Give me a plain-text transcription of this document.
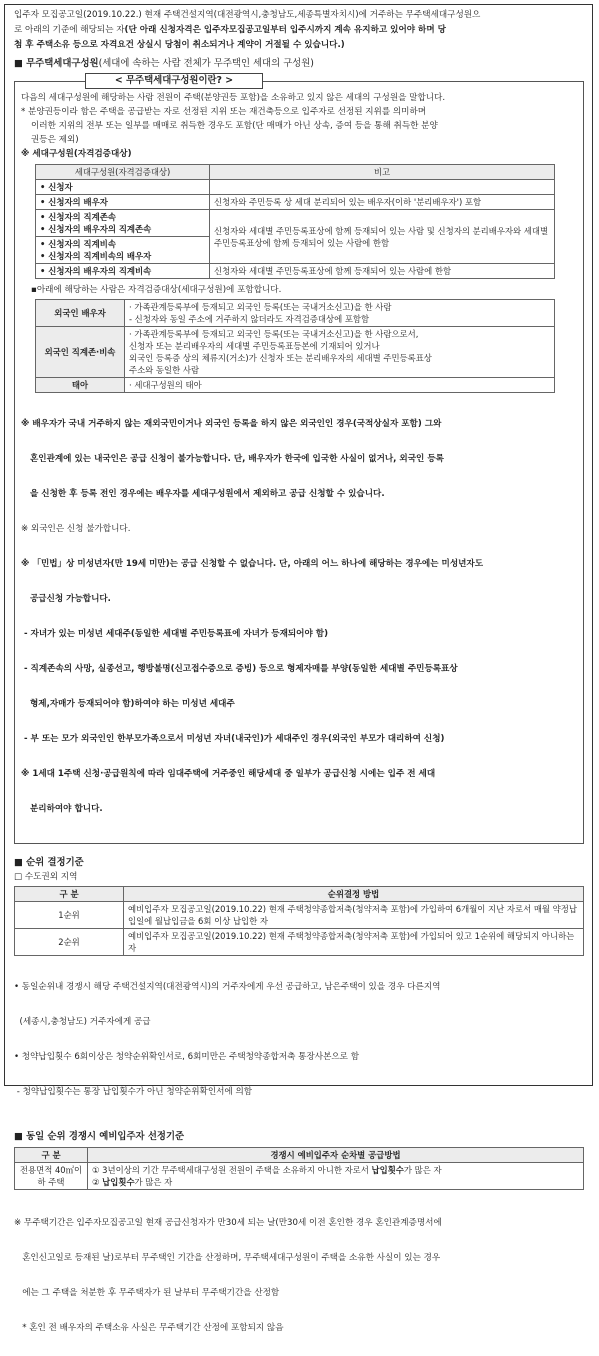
입주자 모집공고일(2019.10.22.) 현재 주택건설지역(대전광역시,충청남도,세종특별자치시)에 거주하는 무주택세대구성원으

로 아래의 기준에 해당되는 자(단 아래 신청자격은 입주자모집공고일부터 입주시까지 계속 유지하고 있어야 하며 당

첨 후 주택소유 등으로 자격요건 상실시 당첨이 취소되거나 계약이 거절될 수 있습니다.)

■ 무주택세대구성원(세대에 속하는 사람 전체가 무주택인 세대의 구성원)
< 무주택세대구성원이란? >

다음의 세대구성원에 해당하는 사람 전원이 주택(분양권등 포함)을 소유하고 있지 않은 세대의 구성원을 말합니다.

* 분양권등이라 함은 주택을 공급받는 자로 선정된 지위 또는 재건축등으로 입주자로 선정된 지위를 의미하며

이러한 지위의 전부 또는 일부를 매매로 취득한 경우도 포함(단 매매가 아닌 상속, 증여 등을 통해 취득한 분양

권등은 제외)

※ 세대구성원(자격검증대상)

세대구성원(자격검증대상)	비고
• 신청자	
• 신청자의 배우자	신청자와 주민등록 상 세대 분리되어 있는 배우자(이하 '분리배우자') 포함

• 신청자의 직계존속
• 신청자의 배우자의 직계존속	신청자와 세대별 주민등록표상에 함께 등재되어 있는 사람 및 신청자의 분리배우자와 세대별 주민등록표상에 함께 등재되어 있는 사람에 한함

• 신청자의 직계비속
• 신청자의 직계비속의 배우자	

• 신청자의 배우자의 직계비속	신청자와 세대별 주민등록표상에 함께 등재되어 있는 사람에 한함

▪아래에 해당하는 사람은 자격검증대상(세대구성원)에 포함합니다.

외국인 배우자	· 가족관계등록부에 등재되고 외국인 등록(또는 국내거소신고)을 한 사람
- 신청자와 동일 주소에 거주하지 않더라도 자격검증대상에 포함함
외국인 직계존·비속	· 가족관계등록부에 등재되고 외국인 등록(또는 국내거소신고)을 한 사람으로서,
신청자 또는 분리배우자의 세대별 주민등록표등본에 기재되어 있거나
외국인 등록증 상의 체류지(거소)가 신청자 또는 분리배우자의 세대별 주민등록표상
주소와 동일한 사람
태아	· 세대구성원의 태아

※ 배우자가 국내 거주하지 않는 재외국민이거나 외국인 등록을 하지 않은 외국인인 경우(국적상실자 포함) 그와

혼인관계에 있는 내국인은 공급 신청이 불가능합니다. 단, 배우자가 한국에 입국한 사실이 없거나, 외국인 등록

을 신청한 후 등록 전인 경우에는 배우자를 세대구성원에서 제외하고 공급 신청할 수 있습니다.

※ 외국인은 신청 불가합니다.

※ 「민법」상 미성년자(만 19세 미만)는 공급 신청할 수 없습니다. 단, 아래의 어느 하나에 해당하는 경우에는 미성년자도

공급신청 가능합니다.

- 자녀가 있는 미성년 세대주(동일한 세대별 주민등록표에 자녀가 등재되어야 함)

- 직계존속의 사망, 실종선고, 행방불명(신고접수증으로 증빙) 등으로 형제자매를 부양(동일한 세대별 주민등록표상

형제,자매가 등재되어야 함)하여야 하는 미성년 세대주

- 부 또는 모가 외국인인 한부모가족으로서 미성년 자녀(내국인)가 세대주인 경우(외국인 부모가 대리하여 신청)

※ 1세대 1주택 신청·공급원칙에 따라 임대주택에 거주중인 해당세대 중 일부가 공급신청 시에는 입주 전 세대

분리하여야 합니다.

■ 순위 결정기준

□ 수도권외 지역

구 분	순위결정 방법
1순위	예비입주자 모집공고일(2019.10.22) 현재 주택청약종합저축(청약저축 포함)에 가입하여 6개월이 지난 자로서 매월 약정납입일에 월납입금을 6회 이상 납입한 자
2순위	예비입주자 모집공고일(2019.10.22) 현재 주택청약종합저축(청약저축 포함)에 가입되어 있고 1순위에 해당되지 아니하는 자

• 동일순위내 경쟁시 해당 주택건설지역(대전광역시)의 거주자에게 우선 공급하고, 남은주택이 있을 경우 다른지역

(세종시,충청남도) 거주자에게 공급

• 청약납입횟수 6회이상은 청약순위확인서로, 6회미만은 주택청약종합저축 통장사본으로 함

- 청약납입횟수는 통장 납입횟수가 아닌 청약순위확인서에 의함

■ 동일 순위 경쟁시 예비입주자 선정기준
구 분	경쟁시 예비입주자 순차별 공급방법
전용면적 40㎡이하 주택	① 3년이상의 기간 무주택세대구성원 전원이 주택을 소유하지 아니한 자로서 납입횟수가 많은 자
② 납입횟수가 많은 자

※ 무주택기간은 입주자모집공고일 현재 공급신청자가 만30세 되는 날(만30세 이전 혼인한 경우 혼인관계증명서에

혼인신고일로 등재된 날)로부터 무주택인 기간을 산정하며, 무주택세대구성원이 주택을 소유한 사실이 있는 경우

에는 그 주택을 처분한 후 무주택자가 된 날부터 무주택기간을 산정함

* 혼인 전 배우자의 주택소유 사실은 무주택기간 산정에 포함되지 않음
